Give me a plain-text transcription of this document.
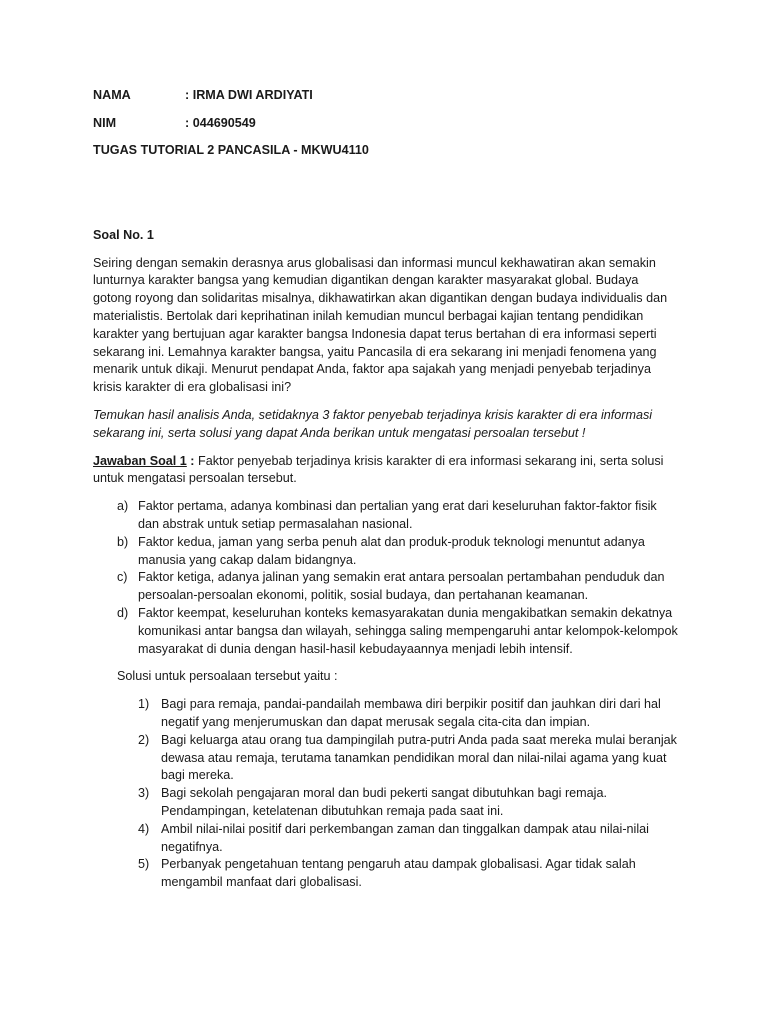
NAMA	: IRMA DWI ARDIYATI
NIM	: 044690549
TUGAS TUTORIAL 2 PANCASILA - MKWU4110
Soal No. 1

Seiring dengan semakin derasnya arus globalisasi dan informasi muncul kekhawatiran akan semakin lunturnya karakter bangsa yang kemudian digantikan dengan karakter masyarakat global. Budaya gotong royong dan solidaritas misalnya, dikhawatirkan akan digantikan dengan budaya individualis dan materialistis. Bertolak dari keprihatinan inilah kemudian muncul berbagai kajian tentang pendidikan karakter yang bertujuan agar karakter bangsa Indonesia dapat terus bertahan di era informasi seperti sekarang ini. Lemahnya karakter bangsa, yaitu Pancasila di era sekarang ini menjadi fenomena yang menarik untuk dikaji. Menurut pendapat Anda, faktor apa sajakah yang menjadi penyebab terjadinya krisis karakter di era globalisasi ini?

Temukan hasil analisis Anda, setidaknya 3 faktor penyebab terjadinya krisis karakter di era informasi sekarang ini, serta solusi yang dapat Anda berikan untuk mengatasi persoalan tersebut !

Jawaban Soal 1 : Faktor penyebab terjadinya krisis karakter di era informasi sekarang ini, serta solusi untuk mengatasi persoalan tersebut.

a) Faktor pertama, adanya kombinasi dan pertalian yang erat dari keseluruhan faktor-faktor fisik dan abstrak untuk setiap permasalahan nasional.
b) Faktor kedua, jaman yang serba penuh alat dan produk-produk teknologi menuntut adanya manusia yang cakap dalam bidangnya.
c) Faktor ketiga, adanya jalinan yang semakin erat antara persoalan pertambahan penduduk dan persoalan-persoalan ekonomi, politik, sosial budaya, dan pertahanan keamanan.
d) Faktor keempat, keseluruhan konteks kemasyarakatan dunia mengakibatkan semakin dekatnya komunikasi antar bangsa dan wilayah, sehingga saling mempengaruhi antar kelompok-kelompok masyarakat di dunia dengan hasil-hasil kebudayaannya menjadi lebih intensif.

Solusi untuk persoalaan tersebut yaitu :

1) Bagi para remaja, pandai-pandailah membawa diri berpikir positif dan jauhkan diri dari hal negatif yang menjerumuskan dan dapat merusak segala cita-cita dan impian.
2) Bagi keluarga atau orang tua dampingilah putra-putri Anda pada saat mereka mulai beranjak dewasa atau remaja, terutama tanamkan pendidikan moral dan nilai-nilai agama yang kuat bagi mereka.
3) Bagi sekolah pengajaran moral dan budi pekerti sangat dibutuhkan bagi remaja. Pendampingan, ketelatenan dibutuhkan remaja pada saat ini.
4) Ambil nilai-nilai positif dari perkembangan zaman dan tinggalkan dampak atau nilai-nilai negatifnya.
5) Perbanyak pengetahuan tentang pengaruh atau dampak globalisasi. Agar tidak salah mengambil manfaat dari globalisasi.
